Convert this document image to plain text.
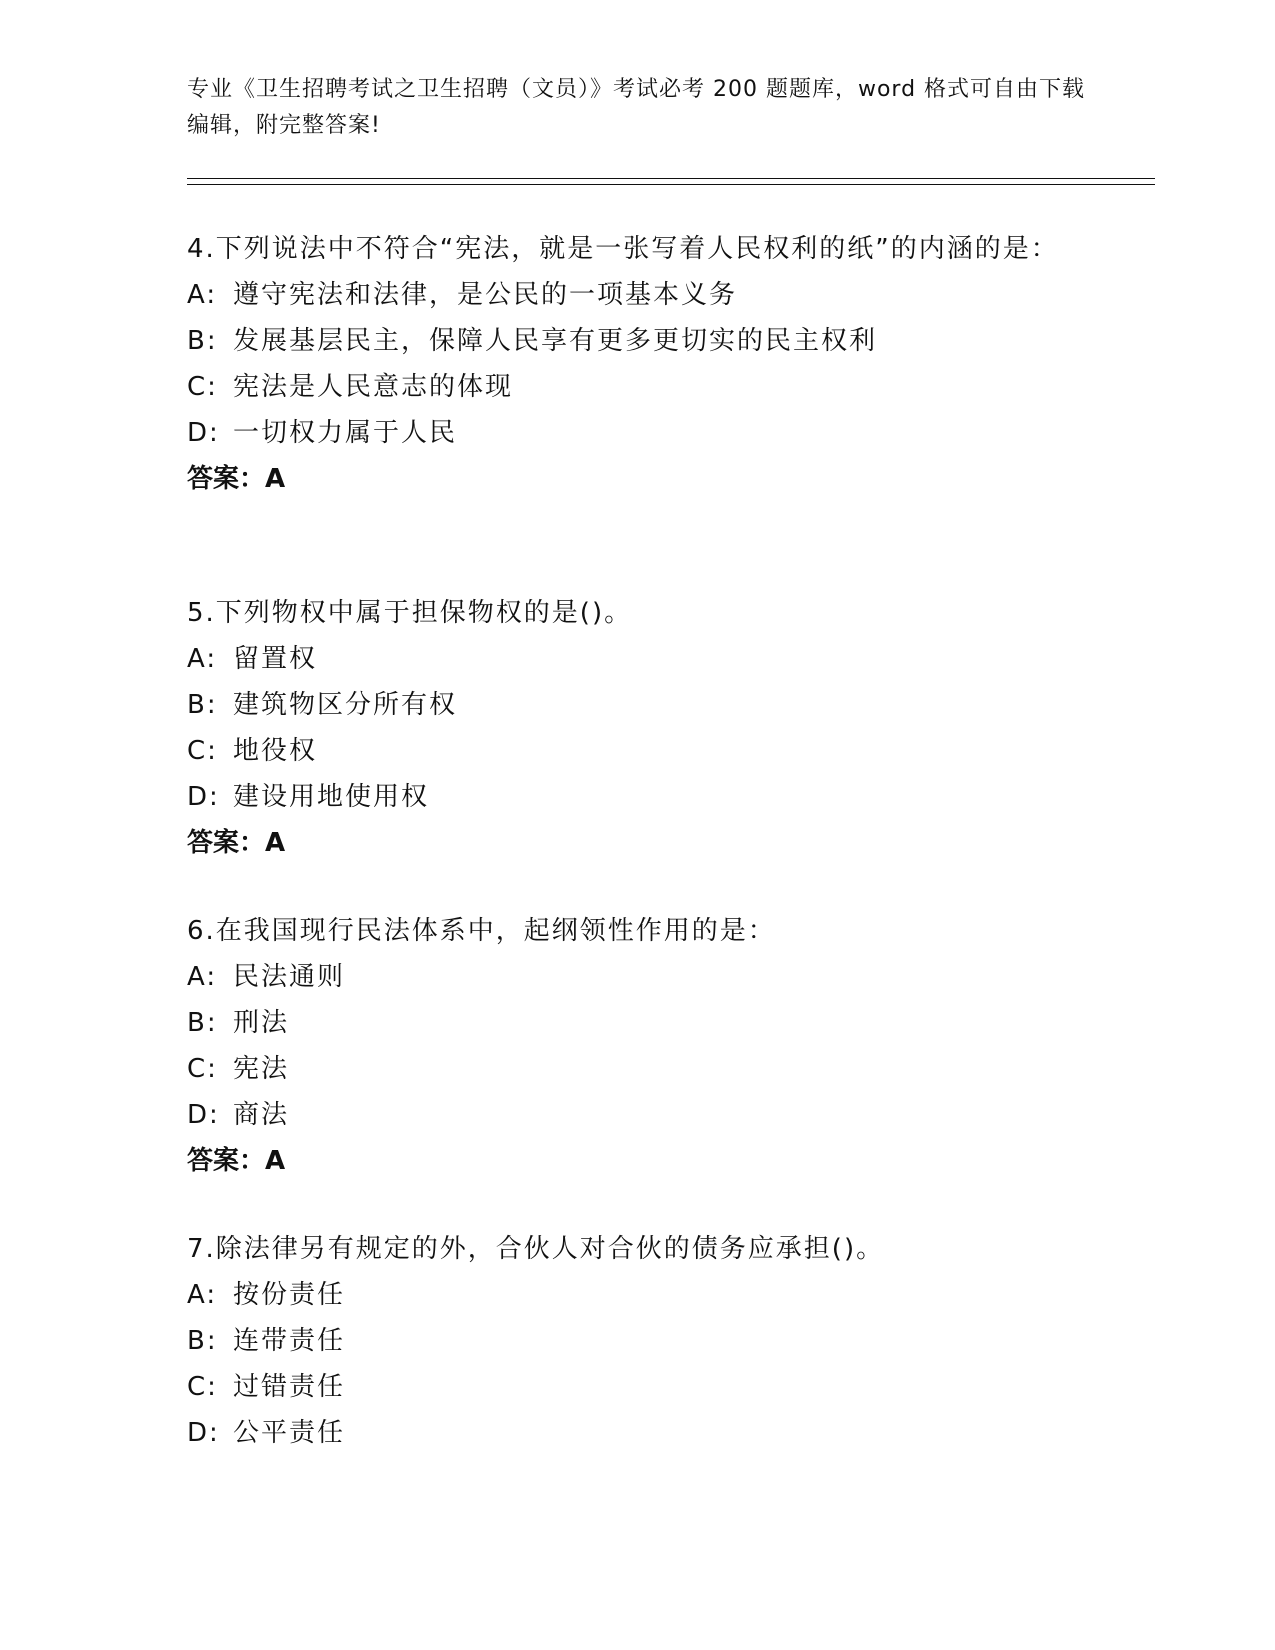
专业《卫生招聘考试之卫生招聘（文员）》考试必考 200 题题库，word 格式可自由下载编辑，附完整答案!

4.下列说法中不符合“宪法，就是一张写着人民权利的纸”的内涵的是：

A: 遵守宪法和法律，是公民的一项基本义务

B: 发展基层民主，保障人民享有更多更切实的民主权利

C: 宪法是人民意志的体现

D: 一切权力属于人民

答案：A

5.下列物权中属于担保物权的是()。

A: 留置权

B: 建筑物区分所有权

C: 地役权

D: 建设用地使用权

答案：A

6.在我国现行民法体系中，起纲领性作用的是：

A: 民法通则

B: 刑法

C: 宪法

D: 商法

答案：A

7.除法律另有规定的外，合伙人对合伙的债务应承担()。

A: 按份责任

B: 连带责任

C: 过错责任

D: 公平责任
